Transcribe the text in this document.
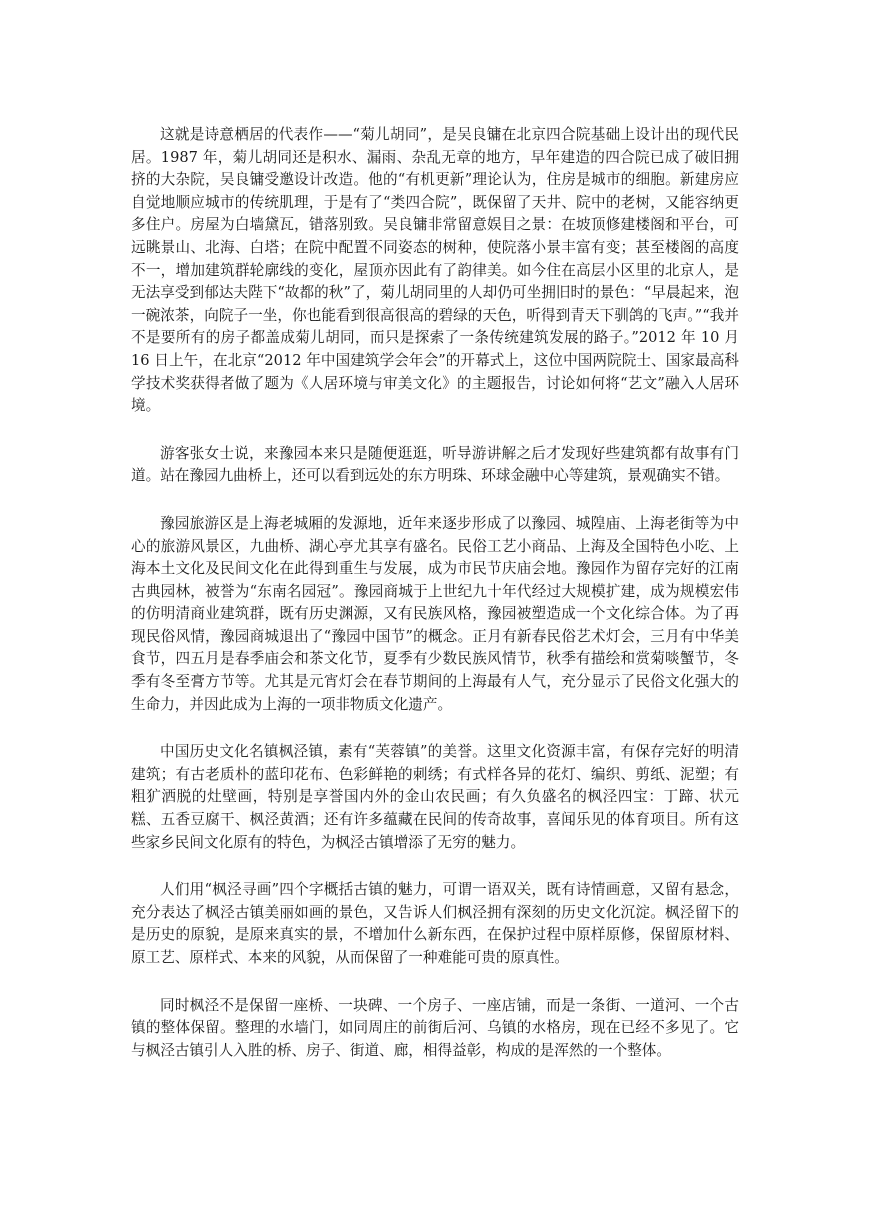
这就是诗意栖居的代表作——“菊儿胡同”，是吴良镛在北京四合院基础上设计出的现代民居。1987 年，菊儿胡同还是积水、漏雨、杂乱无章的地方，早年建造的四合院已成了破旧拥挤的大杂院，吴良镛受邀设计改造。他的“有机更新”理论认为，住房是城市的细胞。新建房应自觉地顺应城市的传统肌理，于是有了“类四合院”，既保留了天井、院中的老树，又能容纳更多住户。房屋为白墙黛瓦，错落别致。吴良镛非常留意娱目之景：在坡顶修建楼阁和平台，可远眺景山、北海、白塔；在院中配置不同姿态的树种，使院落小景丰富有变；甚至楼阁的高度不一，增加建筑群轮廓线的变化，屋顶亦因此有了韵律美。如今住在高层小区里的北京人，是无法享受到郁达夫陛下“故都的秋”了，菊儿胡同里的人却仍可坐拥旧时的景色：“早晨起来，泡一碗浓茶，向院子一坐，你也能看到很高很高的碧绿的天色，听得到青天下驯鸽的飞声。”“我并不是要所有的房子都盖成菊儿胡同，而只是探索了一条传统建筑发展的路子。”2012 年 10 月 16 日上午，在北京“2012 年中国建筑学会年会”的开幕式上，这位中国两院院士、国家最高科学技术奖获得者做了题为《人居环境与审美文化》的主题报告，讨论如何将“艺文”融入人居环境。

游客张女士说，来豫园本来只是随便逛逛，听导游讲解之后才发现好些建筑都有故事有门道。站在豫园九曲桥上，还可以看到远处的东方明珠、环球金融中心等建筑，景观确实不错。

豫园旅游区是上海老城厢的发源地，近年来逐步形成了以豫园、城隍庙、上海老街等为中心的旅游风景区，九曲桥、湖心亭尤其享有盛名。民俗工艺小商品、上海及全国特色小吃、上海本土文化及民间文化在此得到重生与发展，成为市民节庆庙会地。豫园作为留存完好的江南古典园林，被誉为“东南名园冠”。豫园商城于上世纪九十年代经过大规模扩建，成为规模宏伟的仿明清商业建筑群，既有历史渊源，又有民族风格，豫园被塑造成一个文化综合体。为了再现民俗风情，豫园商城退出了“豫园中国节”的概念。正月有新春民俗艺术灯会，三月有中华美食节，四五月是春季庙会和茶文化节，夏季有少数民族风情节，秋季有描绘和赏菊啖蟹节，冬季有冬至膏方节等。尤其是元宵灯会在春节期间的上海最有人气，充分显示了民俗文化强大的生命力，并因此成为上海的一项非物质文化遗产。

中国历史文化名镇枫泾镇，素有“芙蓉镇”的美誉。这里文化资源丰富，有保存完好的明清建筑；有古老质朴的蓝印花布、色彩鲜艳的刺绣；有式样各异的花灯、编织、剪纸、泥塑；有粗犷洒脱的灶壁画，特别是享誉国内外的金山农民画；有久负盛名的枫泾四宝：丁蹄、状元糕、五香豆腐干、枫泾黄酒；还有许多蕴藏在民间的传奇故事，喜闻乐见的体育项目。所有这些家乡民间文化原有的特色，为枫泾古镇增添了无穷的魅力。

人们用“枫泾寻画”四个字概括古镇的魅力，可谓一语双关，既有诗情画意，又留有悬念，充分表达了枫泾古镇美丽如画的景色，又告诉人们枫泾拥有深刻的历史文化沉淀。枫泾留下的是历史的原貌，是原来真实的景，不增加什么新东西，在保护过程中原样原修，保留原材料、原工艺、原样式、本来的风貌，从而保留了一种难能可贵的原真性。

同时枫泾不是保留一座桥、一块碑、一个房子、一座店铺，而是一条街、一道河、一个古镇的整体保留。整理的水墙门，如同周庄的前街后河、乌镇的水格房，现在已经不多见了。它与枫泾古镇引人入胜的桥、房子、街道、廊，相得益彰，构成的是浑然的一个整体。
